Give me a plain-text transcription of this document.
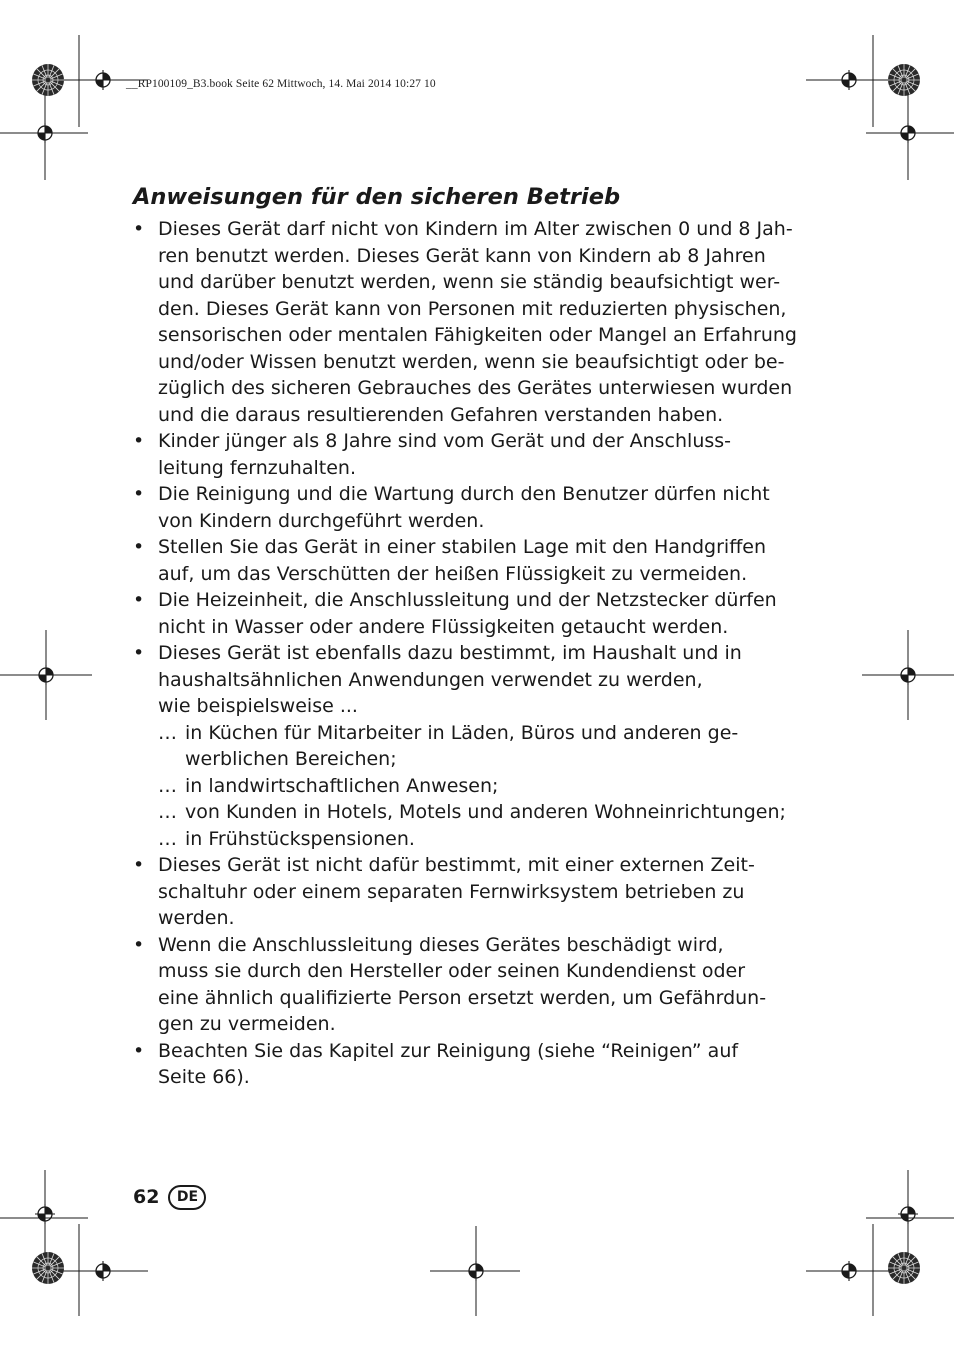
__RP100109_B3.book Seite 62 Mittwoch, 14. Mai 2014 10:27 10
Anweisungen für den sicheren Betrieb
• Dieses Gerät darf nicht von Kindern im Alter zwischen 0 und 8 Jah-
ren benutzt werden. Dieses Gerät kann von Kindern ab 8 Jahren
und darüber benutzt werden, wenn sie ständig beaufsichtigt wer-
den. Dieses Gerät kann von Personen mit reduzierten physischen,
sensorischen oder mentalen Fähigkeiten oder Mangel an Erfahrung
und/oder Wissen benutzt werden, wenn sie beaufsichtigt oder be-
züglich des sicheren Gebrauches des Gerätes unterwiesen wurden
und die daraus resultierenden Gefahren verstanden haben.

• Kinder jünger als 8 Jahre sind vom Gerät und der Anschluss-
leitung fernzuhalten.

• Die Reinigung und die Wartung durch den Benutzer dürfen nicht
von Kindern durchgeführt werden.

• Stellen Sie das Gerät in einer stabilen Lage mit den Handgriffen
auf, um das Verschütten der heißen Flüssigkeit zu vermeiden.

• Die Heizeinheit, die Anschlussleitung und der Netzstecker dürfen
nicht in Wasser oder andere Flüssigkeiten getaucht werden.

• Dieses Gerät ist ebenfalls dazu bestimmt, im Haushalt und in
haushaltsähnlichen Anwendungen verwendet zu werden,
wie beispielsweise ...

… in Küchen für Mitarbeiter in Läden, Büros und anderen ge-
werblichen Bereichen;

… in landwirtschaftlichen Anwesen;

… von Kunden in Hotels, Motels und anderen Wohneinrichtungen;

… in Frühstückspensionen.

• Dieses Gerät ist nicht dafür bestimmt, mit einer externen Zeit-
schaltuhr oder einem separaten Fernwirksystem betrieben zu
werden.

• Wenn die Anschlussleitung dieses Gerätes beschädigt wird,
muss sie durch den Hersteller oder seinen Kundendienst oder
eine ähnlich qualifizierte Person ersetzt werden, um Gefährdun-
gen zu vermeiden.

• Beachten Sie das Kapitel zur Reinigung (siehe “Reinigen” auf
Seite 66).

62	DE
